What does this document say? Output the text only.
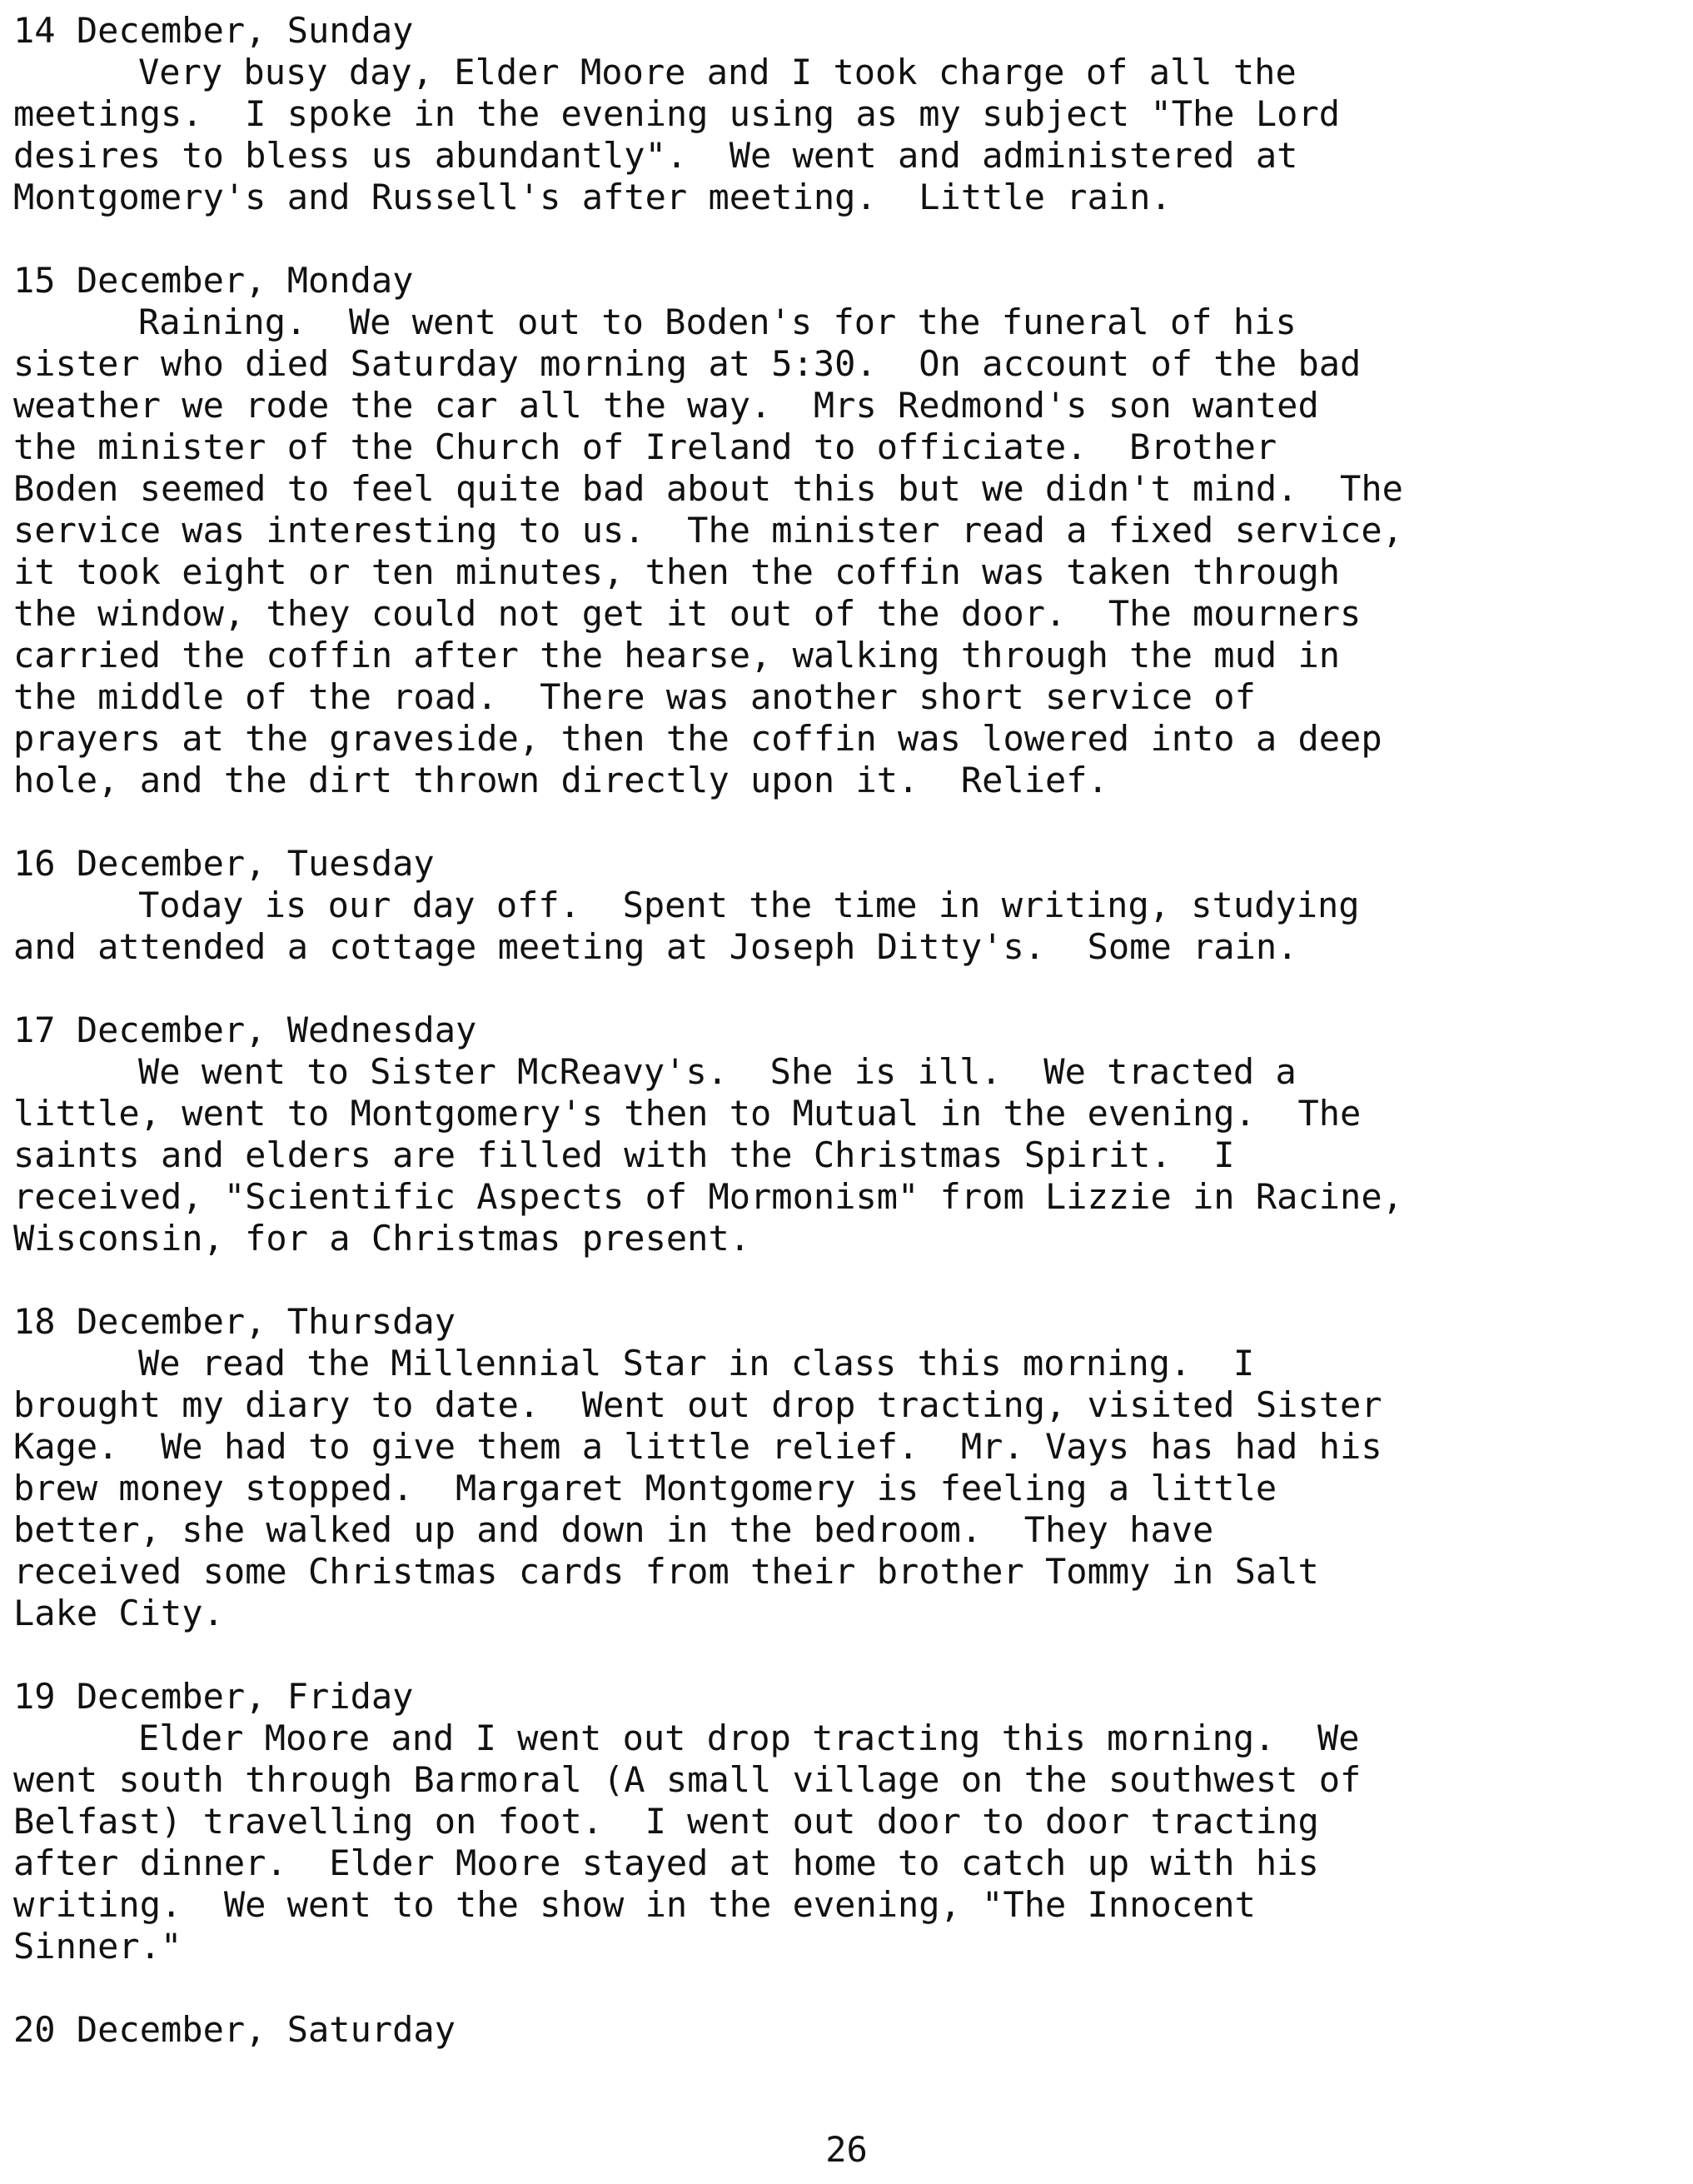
14 December, Sunday
Very busy day, Elder Moore and I took charge of all the
meetings.  I spoke in the evening using as my subject "The Lord
desires to bless us abundantly".  We went and administered at
Montgomery's and Russell's after meeting.  Little rain.
15 December, Monday
Raining.  We went out to Boden's for the funeral of his
sister who died Saturday morning at 5:30.  On account of the bad
weather we rode the car all the way.  Mrs Redmond's son wanted
the minister of the Church of Ireland to officiate.  Brother
Boden seemed to feel quite bad about this but we didn't mind.  The
service was interesting to us.  The minister read a fixed service,
it took eight or ten minutes, then the coffin was taken through
the window, they could not get it out of the door.  The mourners
carried the coffin after the hearse, walking through the mud in
the middle of the road.  There was another short service of
prayers at the graveside, then the coffin was lowered into a deep
hole, and the dirt thrown directly upon it.  Relief.
16 December, Tuesday
Today is our day off.  Spent the time in writing, studying
and attended a cottage meeting at Joseph Ditty's.  Some rain.
17 December, Wednesday
We went to Sister McReavy's.  She is ill.  We tracted a
little, went to Montgomery's then to Mutual in the evening.  The
saints and elders are filled with the Christmas Spirit.  I
received, "Scientific Aspects of Mormonism" from Lizzie in Racine,
Wisconsin, for a Christmas present.
18 December, Thursday
We read the Millennial Star in class this morning.  I
brought my diary to date.  Went out drop tracting, visited Sister
Kage.  We had to give them a little relief.  Mr. Vays has had his
brew money stopped.  Margaret Montgomery is feeling a little
better, she walked up and down in the bedroom.  They have
received some Christmas cards from their brother Tommy in Salt
Lake City.
19 December, Friday
Elder Moore and I went out drop tracting this morning.  We
went south through Barmoral (A small village on the southwest of
Belfast) travelling on foot.  I went out door to door tracting
after dinner.  Elder Moore stayed at home to catch up with his
writing.  We went to the show in the evening, "The Innocent
Sinner."
20 December, Saturday
26
